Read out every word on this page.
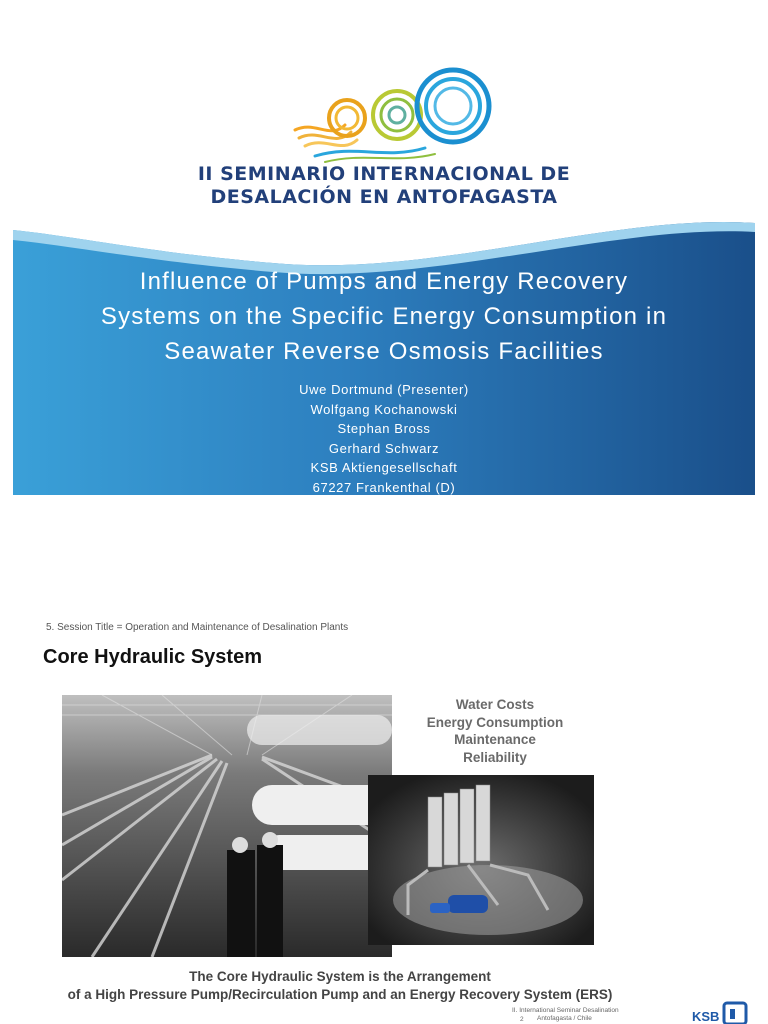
II SEMINARIO INTERNACIONAL DE
DESALACIÓN EN ANTOFAGASTA
Influence of Pumps and Energy Recovery
Systems on the Specific Energy Consumption in
Seawater Reverse Osmosis Facilities
Uwe Dortmund (Presenter)
Wolfgang Kochanowski
Stephan Bross
Gerhard Schwarz
KSB Aktiengesellschaft
67227 Frankenthal (D)
5. Session Title = Operation and Maintenance of Desalination Plants
Core Hydraulic System
Water Costs
Energy Consumption
Maintenance
Reliability
The Core Hydraulic System is the Arrangement
of a High Pressure Pump/Recirculation Pump and an Energy Recovery System (ERS)
II. International Seminar Desalination
Antofagasta / Chile
2	KSB
